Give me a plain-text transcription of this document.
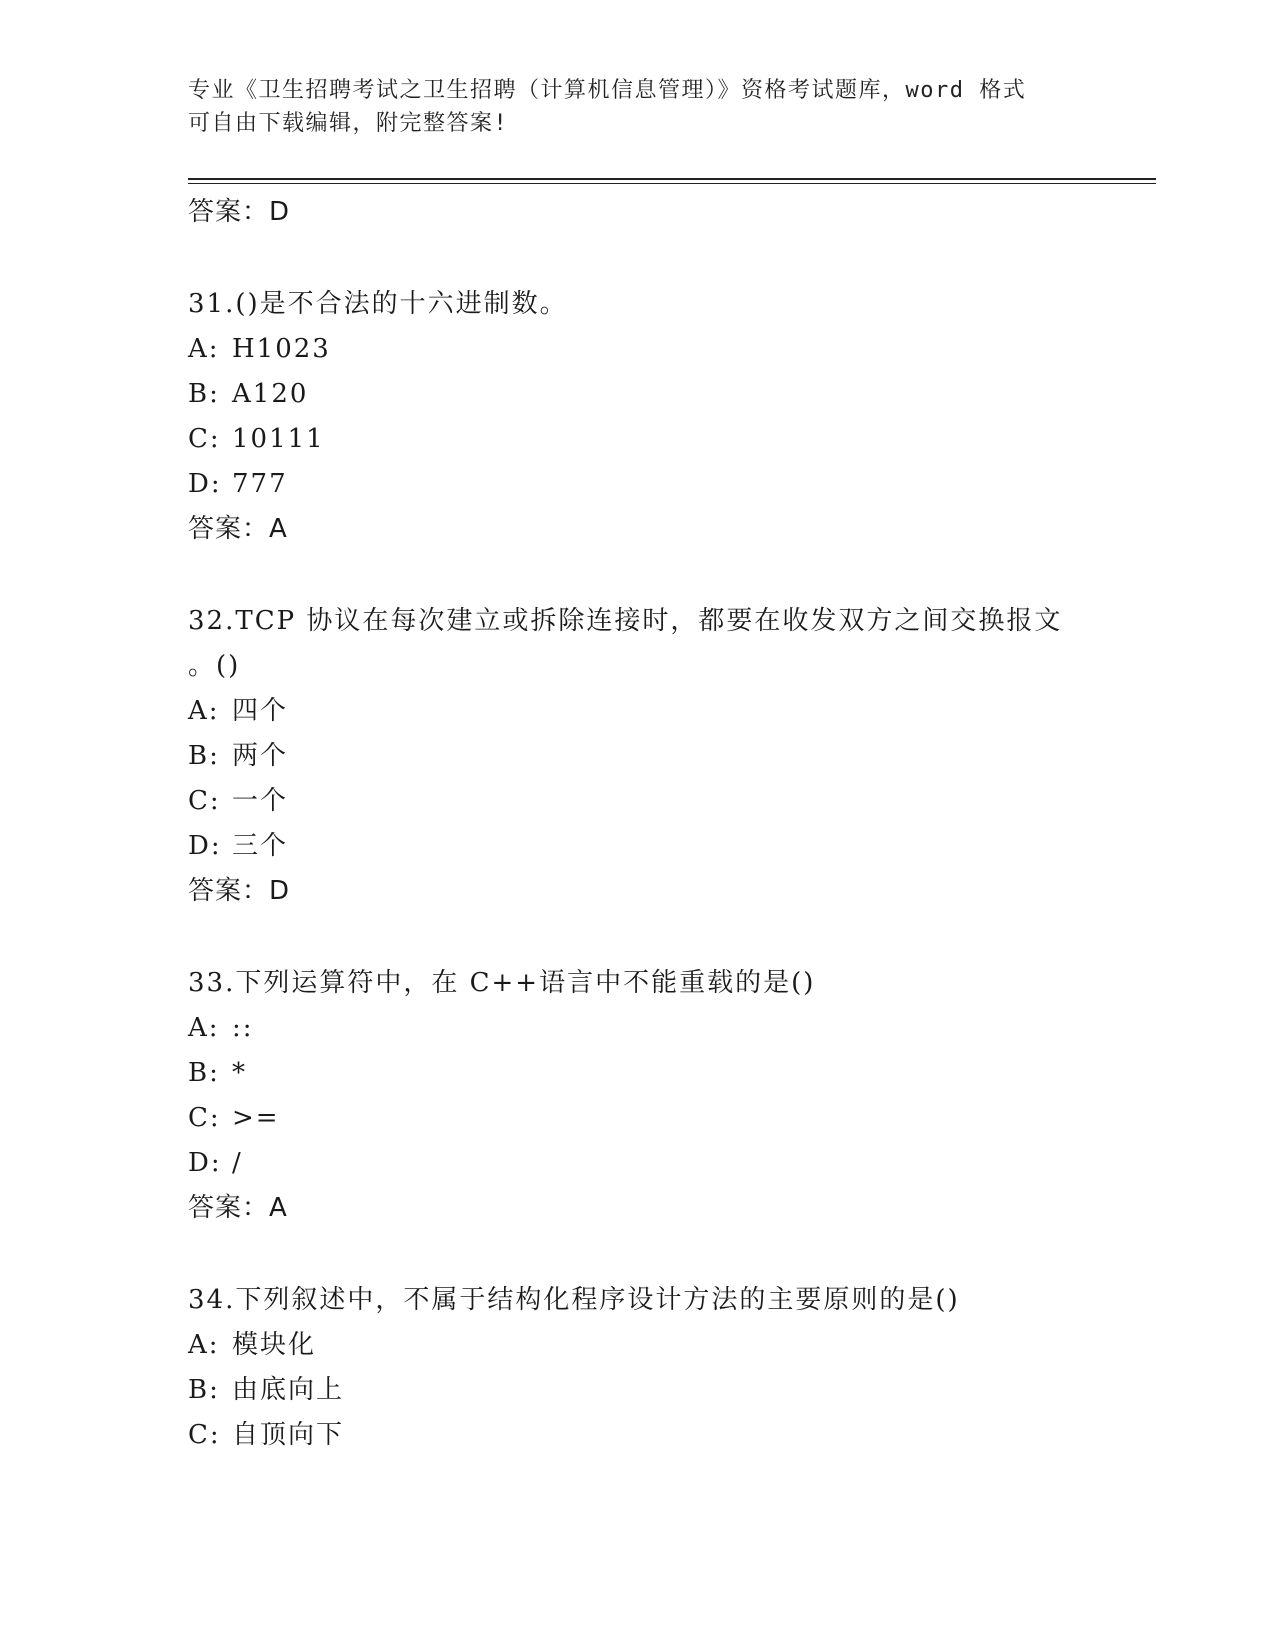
专业《卫生招聘考试之卫生招聘（计算机信息管理）》资格考试题库，word 格式
可自由下载编辑，附完整答案!
答案：D
31.()是不合法的十六进制数。
A: H1023
B: A120
C: 10111
D: 777
答案：A
32.TCP 协议在每次建立或拆除连接时，都要在收发双方之间交换报文
。()
A: 四个
B: 两个
C: 一个
D: 三个
答案：D
33.下列运算符中，在 C++语言中不能重载的是()
A: ::
B: *
C: >=
D: /
答案：A
34.下列叙述中，不属于结构化程序设计方法的主要原则的是()
A: 模块化
B: 由底向上
C: 自顶向下
